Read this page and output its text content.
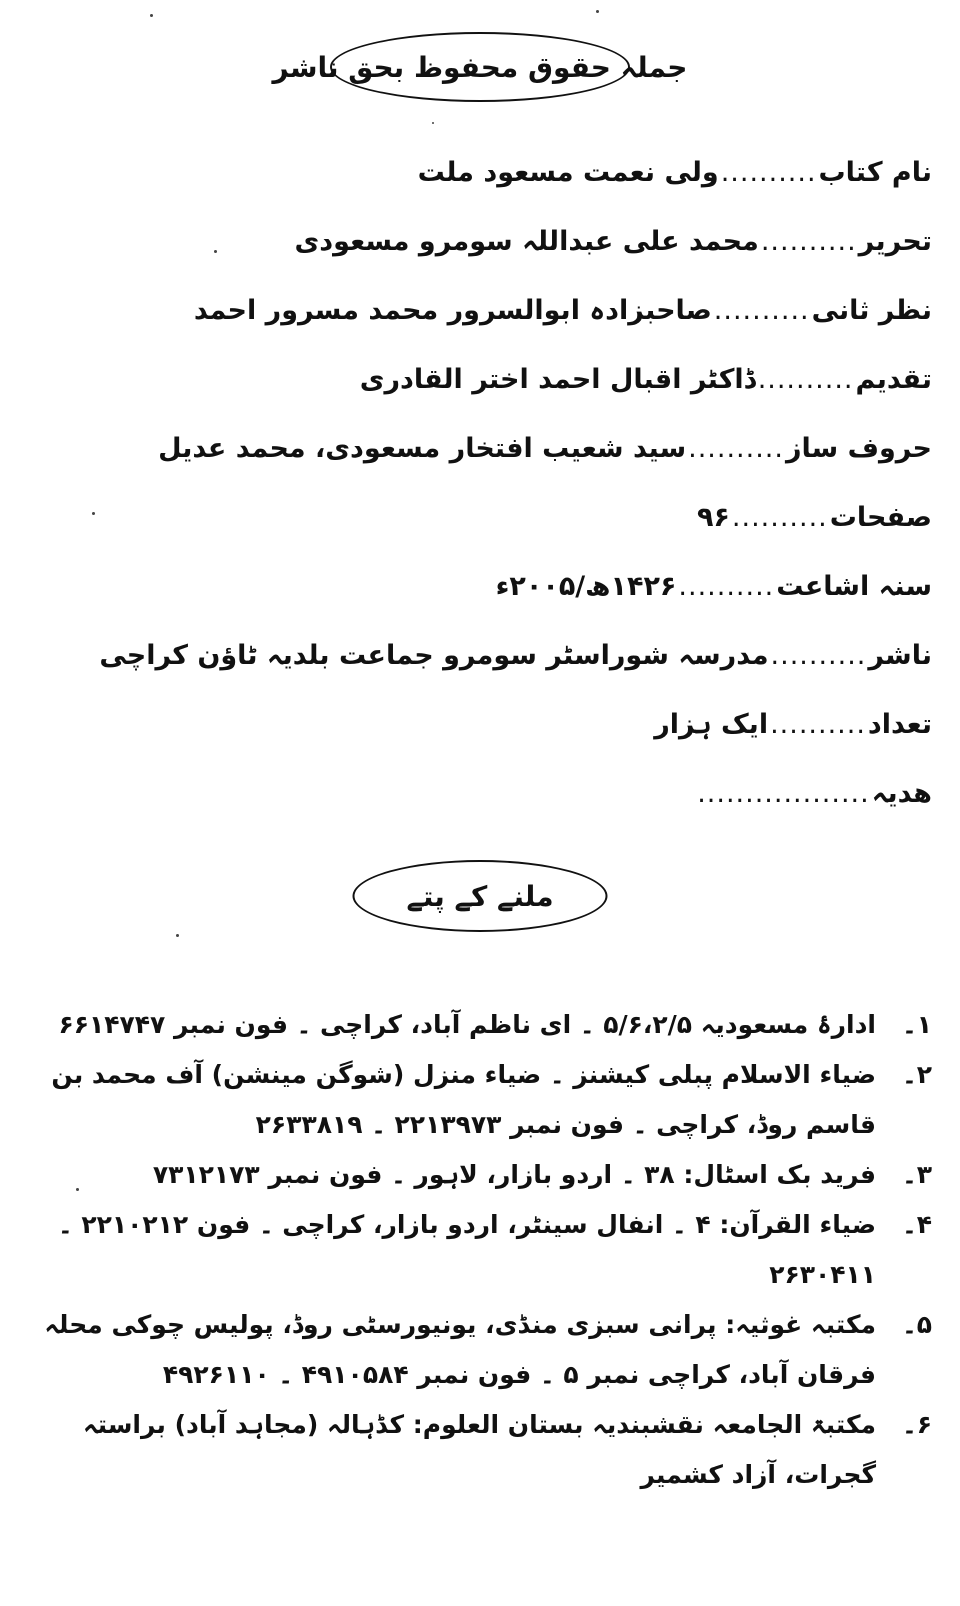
جملہ حقوق محفوظ بحق ناشر
نام کتاب
..........
ولی نعمت مسعود ملت
تحریر
..........
محمد علی عبداللہ سومرو مسعودی
نظر ثانی
..........
صاحبزادہ ابوالسرور محمد مسرور احمد
تقدیم
..........
ڈاکٹر اقبال احمد اختر القادری
حروف ساز
..........
سید شعیب افتخار مسعودی، محمد عدیل
صفحات
..........
۹۶
سنہ اشاعت
..........
۱۴۲۶ھ/۲۰۰۵ء
ناشر
..........
مدرسہ شوراسٹر سومرو جماعت بلدیہ ٹاؤن کراچی
تعداد
..........
ایک ہزار
ھدیہ
..................
ملنے کے پتے
۱۔
ادارۂ مسعودیہ ۵/۶،۲/۵ ۔ ای ناظم آباد، کراچی ۔ فون نمبر ۶۶۱۴۷۴۷
۲۔
ضیاء الاسلام پبلی کیشنز ۔ ضیاء منزل (شوگن مینشن) آف محمد بن قاسم روڈ، کراچی ۔ فون نمبر ۲۲۱۳۹۷۳ ۔ ۲۶۳۳۸۱۹
۳۔
فرید بک اسٹال: ۳۸ ۔ اردو بازار، لاہور ۔ فون نمبر ۷۳۱۲۱۷۳
۴۔
ضیاء القرآن: ۴ ۔ انفال سینٹر، اردو بازار، کراچی ۔ فون ۲۲۱۰۲۱۲ ۔ ۲۶۳۰۴۱۱
۵۔
مکتبہ غوثیہ: پرانی سبزی منڈی، یونیورسٹی روڈ، پولیس چوکی محلہ فرقان آباد، کراچی نمبر ۵ ۔ فون نمبر ۴۹۱۰۵۸۴ ۔ ۴۹۲۶۱۱۰
۶۔
مکتبۃ الجامعہ نقشبندیہ بستان العلوم: کڈہالہ (مجاہد آباد) براستہ گجرات، آزاد کشمیر
